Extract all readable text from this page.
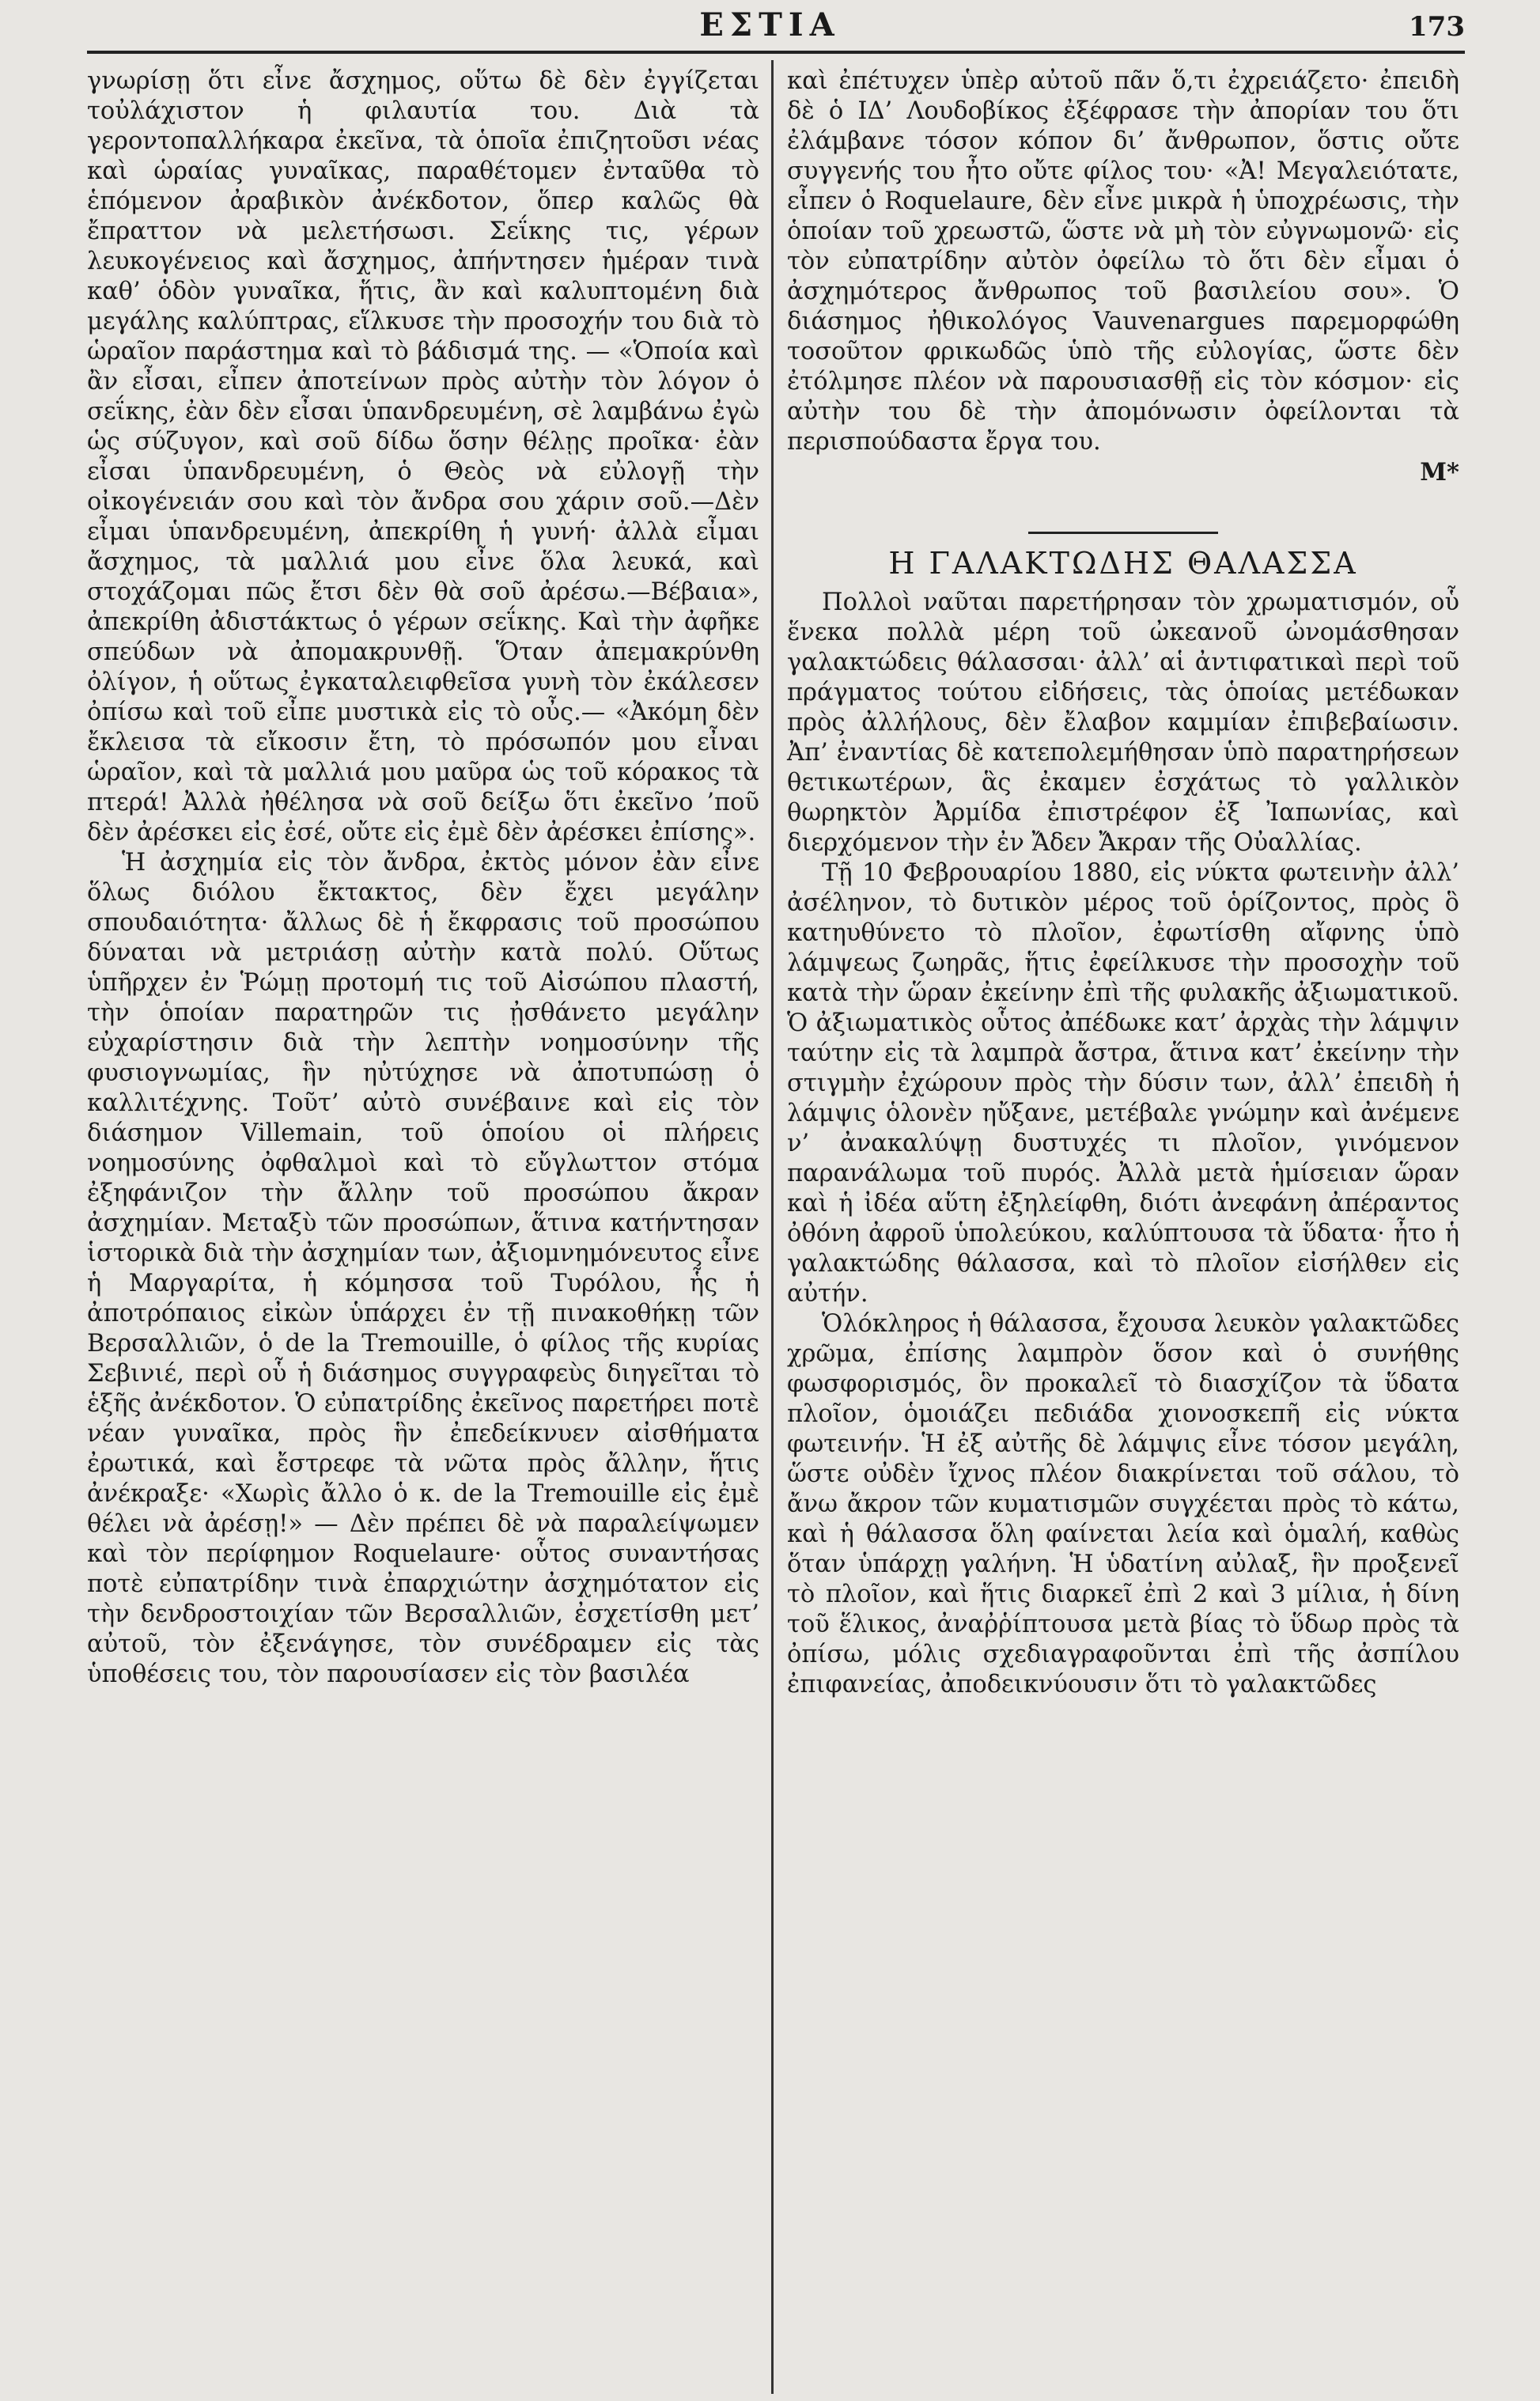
ΕΣΤΙΑ	173

γνωρίσῃ ὅτι εἶνε ἄσχημος, οὕτω δὲ δὲν ἐγγίζεται τοὐλάχιστον ἡ φιλαυτία του. Διὰ τὰ γεροντοπαλλήκαρα ἐκεῖνα, τὰ ὁποῖα ἐπιζητοῦσι νέας καὶ ὡραίας γυναῖκας, παραθέτομεν ἐνταῦθα τὸ ἑπόμενον ἀραβικὸν ἀνέκδοτον, ὅπερ καλῶς θὰ ἔπραττον νὰ μελετήσωσι. Σεΐκης τις, γέρων λευκογένειος καὶ ἄσχημος, ἀπήντησεν ἡμέραν τινὰ καθ’ ὁδὸν γυναῖκα, ἥτις, ἂν καὶ καλυπτομένη διὰ μεγάλης καλύπτρας, εἵλκυσε τὴν προσοχήν του διὰ τὸ ὡραῖον παράστημα καὶ τὸ βάδισμά της. — «Ὁποία καὶ ἂν εἶσαι, εἶπεν ἀποτείνων πρὸς αὐτὴν τὸν λόγον ὁ σεΐκης, ἐὰν δὲν εἶσαι ὑπανδρευμένη, σὲ λαμβάνω ἐγὼ ὡς σύζυγον, καὶ σοῦ δίδω ὅσην θέλῃς προῖκα· ἐὰν εἶσαι ὑπανδρευμένη, ὁ Θεὸς νὰ εὐλογῇ τὴν οἰκογένειάν σου καὶ τὸν ἄνδρα σου χάριν σοῦ.—Δὲν εἶμαι ὑπανδρευμένη, ἀπεκρίθη ἡ γυνή· ἀλλὰ εἶμαι ἄσχημος, τὰ μαλλιά μου εἶνε ὅλα λευκά, καὶ στοχάζομαι πῶς ἔτσι δὲν θὰ σοῦ ἀρέσω.—Βέβαια», ἀπεκρίθη ἀδιστάκτως ὁ γέρων σεΐκης. Καὶ τὴν ἀφῆκε σπεύδων νὰ ἀπομακρυνθῇ. Ὅταν ἀπεμακρύνθη ὀλίγον, ἡ οὕτως ἐγκαταλειφθεῖσα γυνὴ τὸν ἐκάλεσεν ὀπίσω καὶ τοῦ εἶπε μυστικὰ εἰς τὸ οὖς.— «Ἀκόμη δὲν ἔκλεισα τὰ εἴκοσιν ἔτη, τὸ πρόσωπόν μου εἶναι ὡραῖον, καὶ τὰ μαλλιά μου μαῦρα ὡς τοῦ κόρακος τὰ πτερά! Ἀλλὰ ἠθέλησα νὰ σοῦ δείξω ὅτι ἐκεῖνο ’ποῦ δὲν ἀρέσκει εἰς ἐσέ, οὔτε εἰς ἐμὲ δὲν ἀρέσκει ἐπίσης».

Ἡ ἀσχημία εἰς τὸν ἄνδρα, ἐκτὸς μόνον ἐὰν εἶνε ὅλως διόλου ἔκτακτος, δὲν ἔχει μεγάλην σπουδαιότητα· ἄλλως δὲ ἡ ἔκφρασις τοῦ προσώπου δύναται νὰ μετριάσῃ αὐτὴν κατὰ πολύ. Οὕτως ὑπῆρχεν ἐν Ῥώμῃ προτομή τις τοῦ Αἰσώπου πλαστή, τὴν ὁποίαν παρατηρῶν τις ᾐσθάνετο μεγάλην εὐχαρίστησιν διὰ τὴν λεπτὴν νοημοσύνην τῆς φυσιογνωμίας, ἣν ηὐτύχησε νὰ ἀποτυπώσῃ ὁ καλλιτέχνης. Τοῦτ’ αὐτὸ συνέβαινε καὶ εἰς τὸν διάσημον Villemain, τοῦ ὁποίου οἱ πλήρεις νοημοσύνης ὀφθαλμοὶ καὶ τὸ εὔγλωττον στόμα ἐξηφάνιζον τὴν ἄλλην τοῦ προσώπου ἄκραν ἀσχημίαν. Μεταξὺ τῶν προσώπων, ἅτινα κατήντησαν ἱστορικὰ διὰ τὴν ἀσχημίαν των, ἀξιομνημόνευτος εἶνε ἡ Μαργαρίτα, ἡ κόμησσα τοῦ Τυρόλου, ἧς ἡ ἀποτρόπαιος εἰκὼν ὑπάρχει ἐν τῇ πινακοθήκῃ τῶν Βερσαλλιῶν, ὁ de la Tremouille, ὁ φίλος τῆς κυρίας Σεβινιέ, περὶ οὗ ἡ διάσημος συγγραφεὺς διηγεῖται τὸ ἑξῆς ἀνέκδοτον. Ὁ εὐπατρίδης ἐκεῖνος παρετήρει ποτὲ νέαν γυναῖκα, πρὸς ἣν ἐπεδείκνυεν αἰσθήματα ἐρωτικά, καὶ ἔστρεφε τὰ νῶτα πρὸς ἄλλην, ἥτις ἀνέκραξε· «Χωρὶς ἄλλο ὁ κ. de la Tremouille εἰς ἐμὲ θέλει νὰ ἀρέσῃ!» — Δὲν πρέπει δὲ νὰ παραλείψωμεν καὶ τὸν περίφημον Roquelaure· οὗτος συναντήσας ποτὲ εὐπατρίδην τινὰ ἐπαρχιώτην ἀσχημότατον εἰς τὴν δενδροστοιχίαν τῶν Βερσαλλιῶν, ἐσχετίσθη μετ’ αὐτοῦ, τὸν ἐξενάγησε, τὸν συνέδραμεν εἰς τὰς ὑποθέσεις του, τὸν παρουσίασεν εἰς τὸν βασιλέα

καὶ ἐπέτυχεν ὑπὲρ αὐτοῦ πᾶν ὅ,τι ἐχρειάζετο· ἐπειδὴ δὲ ὁ ΙΔ’ Λουδοβίκος ἐξέφρασε τὴν ἀπορίαν του ὅτι ἐλάμβανε τόσον κόπον δι’ ἄνθρωπον, ὅστις οὔτε συγγενής του ἦτο οὔτε φίλος του· «Ἀ! Μεγαλειότατε, εἶπεν ὁ Roquelaure, δὲν εἶνε μικρὰ ἡ ὑποχρέωσις, τὴν ὁποίαν τοῦ χρεωστῶ, ὥστε νὰ μὴ τὸν εὐγνωμονῶ· εἰς τὸν εὐπατρίδην αὐτὸν ὀφείλω τὸ ὅτι δὲν εἶμαι ὁ ἀσχημότερος ἄνθρωπος τοῦ βασιλείου σου». Ὁ διάσημος ἠθικολόγος Vauvenargues παρεμορφώθη τοσοῦτον φρικωδῶς ὑπὸ τῆς εὐλογίας, ὥστε δὲν ἐτόλμησε πλέον νὰ παρουσιασθῇ εἰς τὸν κόσμον· εἰς αὐτὴν του δὲ τὴν ἀπομόνωσιν ὀφείλονται τὰ περισπούδαστα ἔργα του.

Μ*

Η ΓΑΛΑΚΤΩΔΗΣ ΘΑΛΑΣΣΑ

Πολλοὶ ναῦται παρετήρησαν τὸν χρωματισμόν, οὗ ἕνεκα πολλὰ μέρη τοῦ ὠκεανοῦ ὠνομάσθησαν γαλακτώδεις θάλασσαι· ἀλλ’ αἱ ἀντιφατικαὶ περὶ τοῦ πράγματος τούτου εἰδήσεις, τὰς ὁποίας μετέδωκαν πρὸς ἀλλήλους, δὲν ἔλαβον καμμίαν ἐπιβεβαίωσιν. Ἀπ’ ἐναντίας δὲ κατεπολεμήθησαν ὑπὸ παρατηρήσεων θετικωτέρων, ἃς ἐκαμεν ἐσχάτως τὸ γαλλικὸν θωρηκτὸν Ἀρμίδα ἐπιστρέφον ἐξ Ἰαπωνίας, καὶ διερχόμενον τὴν ἐν Ἄδεν Ἄκραν τῆς Οὐαλλίας.

Τῇ 10 Φεβρουαρίου 1880, εἰς νύκτα φωτεινὴν ἀλλ’ ἀσέληνον, τὸ δυτικὸν μέρος τοῦ ὁρίζοντος, πρὸς ὃ κατηυθύνετο τὸ πλοῖον, ἐφωτίσθη αἴφνης ὑπὸ λάμψεως ζωηρᾶς, ἥτις ἐφείλκυσε τὴν προσοχὴν τοῦ κατὰ τὴν ὥραν ἐκείνην ἐπὶ τῆς φυλακῆς ἀξιωματικοῦ. Ὁ ἀξιωματικὸς οὗτος ἀπέδωκε κατ’ ἀρχὰς τὴν λάμψιν ταύτην εἰς τὰ λαμπρὰ ἄστρα, ἅτινα κατ’ ἐκείνην τὴν στιγμὴν ἐχώρουν πρὸς τὴν δύσιν των, ἀλλ’ ἐπειδὴ ἡ λάμψις ὁλονὲν ηὔξανε, μετέβαλε γνώμην καὶ ἀνέμενε ν’ ἀνακαλύψῃ δυστυχές τι πλοῖον, γινόμενον παρανάλωμα τοῦ πυρός. Ἀλλὰ μετὰ ἡμίσειαν ὥραν καὶ ἡ ἰδέα αὕτη ἐξηλείφθη, διότι ἀνεφάνη ἀπέραντος ὀθόνη ἀφροῦ ὑπολεύκου, καλύπτουσα τὰ ὕδατα· ἦτο ἡ γαλακτώδης θάλασσα, καὶ τὸ πλοῖον εἰσήλθεν εἰς αὐτήν.

Ὁλόκληρος ἡ θάλασσα, ἔχουσα λευκὸν γαλακτῶδες χρῶμα, ἐπίσης λαμπρὸν ὅσον καὶ ὁ συνήθης φωσφορισμός, ὃν προκαλεῖ τὸ διασχίζον τὰ ὕδατα πλοῖον, ὁμοιάζει πεδιάδα χιονοσκεπῆ εἰς νύκτα φωτεινήν. Ἡ ἐξ αὐτῆς δὲ λάμψις εἶνε τόσον μεγάλη, ὥστε οὐδὲν ἴχνος πλέον διακρίνεται τοῦ σάλου, τὸ ἄνω ἄκρον τῶν κυματισμῶν συγχέεται πρὸς τὸ κάτω, καὶ ἡ θάλασσα ὅλη φαίνεται λεία καὶ ὁμαλή, καθὼς ὅταν ὑπάρχῃ γαλήνη. Ἡ ὑδατίνη αὐλαξ, ἣν προξενεῖ τὸ πλοῖον, καὶ ἥτις διαρκεῖ ἐπὶ 2 καὶ 3 μίλια, ἡ δίνη τοῦ ἕλικος, ἀναῤῥίπτουσα μετὰ βίας τὸ ὕδωρ πρὸς τὰ ὀπίσω, μόλις σχεδιαγραφοῦνται ἐπὶ τῆς ἀσπίλου ἐπιφανείας, ἀποδεικνύουσιν ὅτι τὸ γαλακτῶδες
